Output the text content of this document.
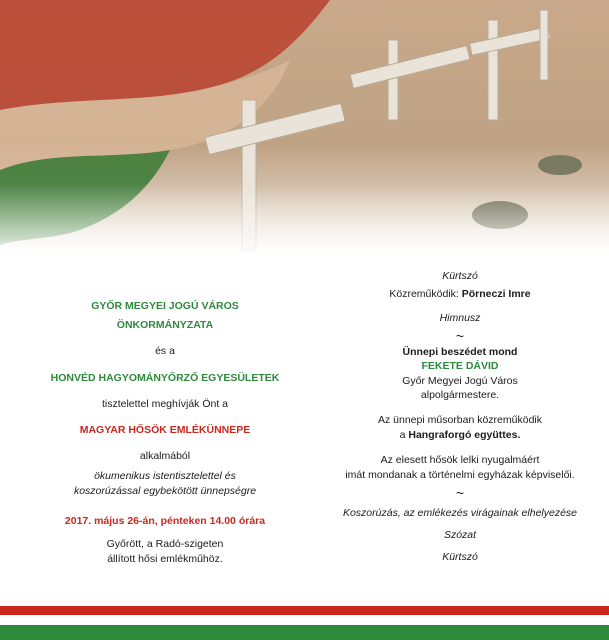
GYŐR MEGYEI JOGÚ VÁROS
ÖNKORMÁNYZATA
és a
HONVÉD HAGYOMÁNYŐRZŐ EGYESÜLETEK
tisztelettel meghívják Önt a
MAGYAR HŐSÖK EMLÉKÜNNEPE
alkalmából
ökumenikus istentisztelettel és
koszorúzással egybekötött ünnepségre
2017. május 26-án, pénteken 14.00 órára
Győrött, a Radó-szigeten
állított hősi emlékműhöz.
Kürtszó
Közreműködik: Pörneczi Imre
Himnusz
~
Ünnepi beszédet mond
FEKETE DÁVID
Győr Megyei Jogú Város
alpolgármestere.
Az ünnepi műsorban közreműködik
a Hangraforgó együttes.
Az elesett hősök lelki nyugalmáért
imát mondanak a történelmi egyházak képviselői.
~
Koszorúzás, az emlékezés virágainak elhelyezése
Szózat
Kürtszó
